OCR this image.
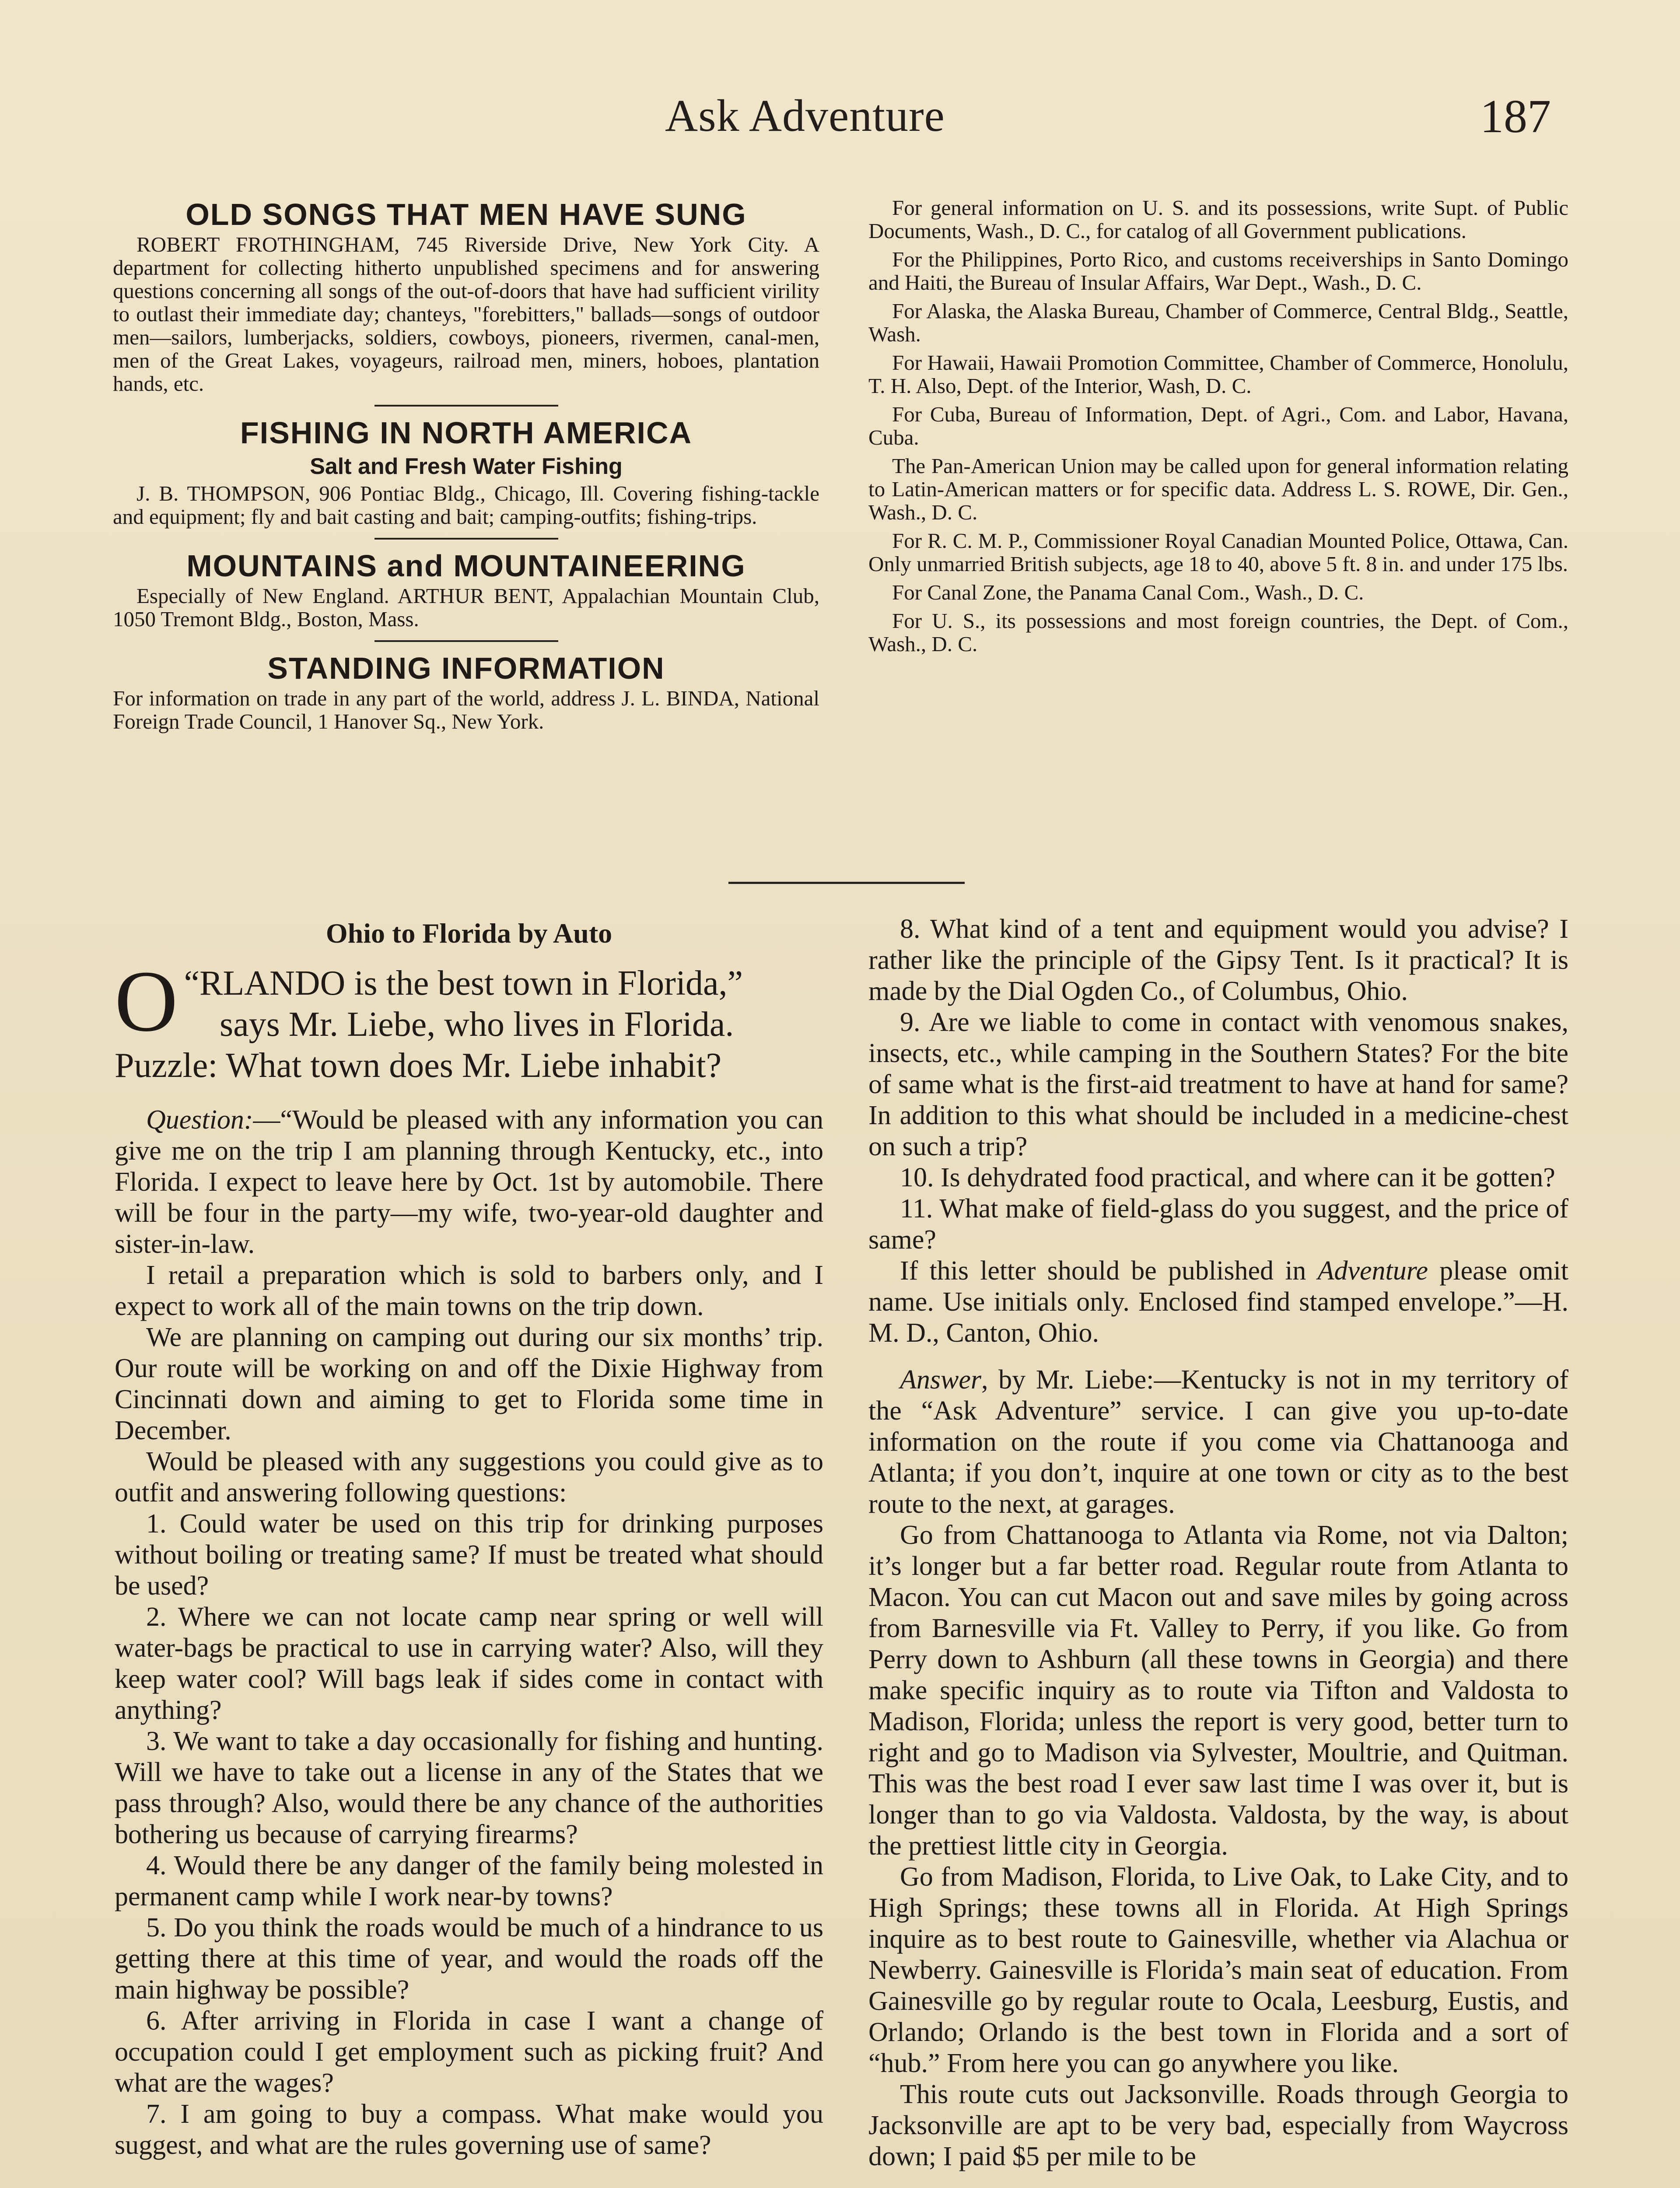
Ask Adventure	187
OLD SONGS THAT MEN HAVE SUNG

ROBERT FROTHINGHAM, 745 Riverside Drive, New York City. A department for collecting hitherto unpublished specimens and for answering questions concerning all songs of the out-of-doors that have had sufficient virility to outlast their immediate day; chanteys, "forebitters," ballads—songs of outdoor men—sailors, lumberjacks, soldiers, cowboys, pioneers, rivermen, canal-men, men of the Great Lakes, voyageurs, railroad men, miners, hoboes, plantation hands, etc.

FISHING IN NORTH AMERICA
Salt and Fresh Water Fishing

J. B. THOMPSON, 906 Pontiac Bldg., Chicago, Ill. Covering fishing-tackle and equipment; fly and bait casting and bait; camping-outfits; fishing-trips.

MOUNTAINS and MOUNTAINEERING

Especially of New England. ARTHUR BENT, Appalachian Mountain Club, 1050 Tremont Bldg., Boston, Mass.

STANDING INFORMATION

For information on trade in any part of the world, address J. L. BINDA, National Foreign Trade Council, 1 Hanover Sq., New York.

For general information on U. S. and its possessions, write Supt. of Public Documents, Wash., D. C., for catalog of all Government publications.

For the Philippines, Porto Rico, and customs receiverships in Santo Domingo and Haiti, the Bureau of Insular Affairs, War Dept., Wash., D. C.

For Alaska, the Alaska Bureau, Chamber of Commerce, Central Bldg., Seattle, Wash.

For Hawaii, Hawaii Promotion Committee, Chamber of Commerce, Honolulu, T. H. Also, Dept. of the Interior, Wash, D. C.

For Cuba, Bureau of Information, Dept. of Agri., Com. and Labor, Havana, Cuba.

The Pan-American Union may be called upon for general information relating to Latin-American matters or for specific data. Address L. S. ROWE, Dir. Gen., Wash., D. C.

For R. C. M. P., Commissioner Royal Canadian Mounted Police, Ottawa, Can. Only unmarried British subjects, age 18 to 40, above 5 ft. 8 in. and under 175 lbs.

For Canal Zone, the Panama Canal Com., Wash., D. C.

For U. S., its possessions and most foreign countries, the Dept. of Com., Wash., D. C.

Ohio to Florida by Auto
“
O RLANDO is the best town in Florida,”
says Mr. Liebe, who lives in Florida.
Puzzle: What town does Mr. Liebe inhabit?

Question:—“Would be pleased with any information you can give me on the trip I am planning through Kentucky, etc., into Florida. I expect to leave here by Oct. 1st by automobile. There will be four in the party—my wife, two-year-old daughter and sister-in-law.

I retail a preparation which is sold to barbers only, and I expect to work all of the main towns on the trip down.

We are planning on camping out during our six months’ trip. Our route will be working on and off the Dixie Highway from Cincinnati down and aiming to get to Florida some time in December.

Would be pleased with any suggestions you could give as to outfit and answering following questions:

1. Could water be used on this trip for drinking purposes without boiling or treating same? If must be treated what should be used?

2. Where we can not locate camp near spring or well will water-bags be practical to use in carrying water? Also, will they keep water cool? Will bags leak if sides come in contact with anything?

3. We want to take a day occasionally for fishing and hunting. Will we have to take out a license in any of the States that we pass through? Also, would there be any chance of the authorities bothering us because of carrying firearms?

4. Would there be any danger of the family being molested in permanent camp while I work near-by towns?

5. Do you think the roads would be much of a hindrance to us getting there at this time of year, and would the roads off the main highway be possible?

6. After arriving in Florida in case I want a change of occupation could I get employment such as picking fruit? And what are the wages?

7. I am going to buy a compass. What make would you suggest, and what are the rules governing use of same?

8. What kind of a tent and equipment would you advise? I rather like the principle of the Gipsy Tent. Is it practical? It is made by the Dial Ogden Co., of Columbus, Ohio.

9. Are we liable to come in contact with venomous snakes, insects, etc., while camping in the Southern States? For the bite of same what is the first-aid treatment to have at hand for same? In addition to this what should be included in a medicine-chest on such a trip?

10. Is dehydrated food practical, and where can it be gotten?

11. What make of field-glass do you suggest, and the price of same?

If this letter should be published in Adventure please omit name. Use initials only. Enclosed find stamped envelope.”—H. M. D., Canton, Ohio.

Answer, by Mr. Liebe:—Kentucky is not in my territory of the “Ask Adventure” service. I can give you up-to-date information on the route if you come via Chattanooga and Atlanta; if you don’t, inquire at one town or city as to the best route to the next, at garages.

Go from Chattanooga to Atlanta via Rome, not via Dalton; it’s longer but a far better road. Regular route from Atlanta to Macon. You can cut Macon out and save miles by going across from Barnesville via Ft. Valley to Perry, if you like. Go from Perry down to Ashburn (all these towns in Georgia) and there make specific inquiry as to route via Tifton and Valdosta to Madison, Florida; unless the report is very good, better turn to right and go to Madison via Sylvester, Moultrie, and Quitman. This was the best road I ever saw last time I was over it, but is longer than to go via Valdosta. Valdosta, by the way, is about the prettiest little city in Georgia.

Go from Madison, Florida, to Live Oak, to Lake City, and to High Springs; these towns all in Florida. At High Springs inquire as to best route to Gainesville, whether via Alachua or Newberry. Gainesville is Florida’s main seat of education. From Gainesville go by regular route to Ocala, Leesburg, Eustis, and Orlando; Orlando is the best town in Florida and a sort of “hub.” From here you can go anywhere you like.

This route cuts out Jacksonville. Roads through Georgia to Jacksonville are apt to be very bad, especially from Waycross down; I paid $5 per mile to be
